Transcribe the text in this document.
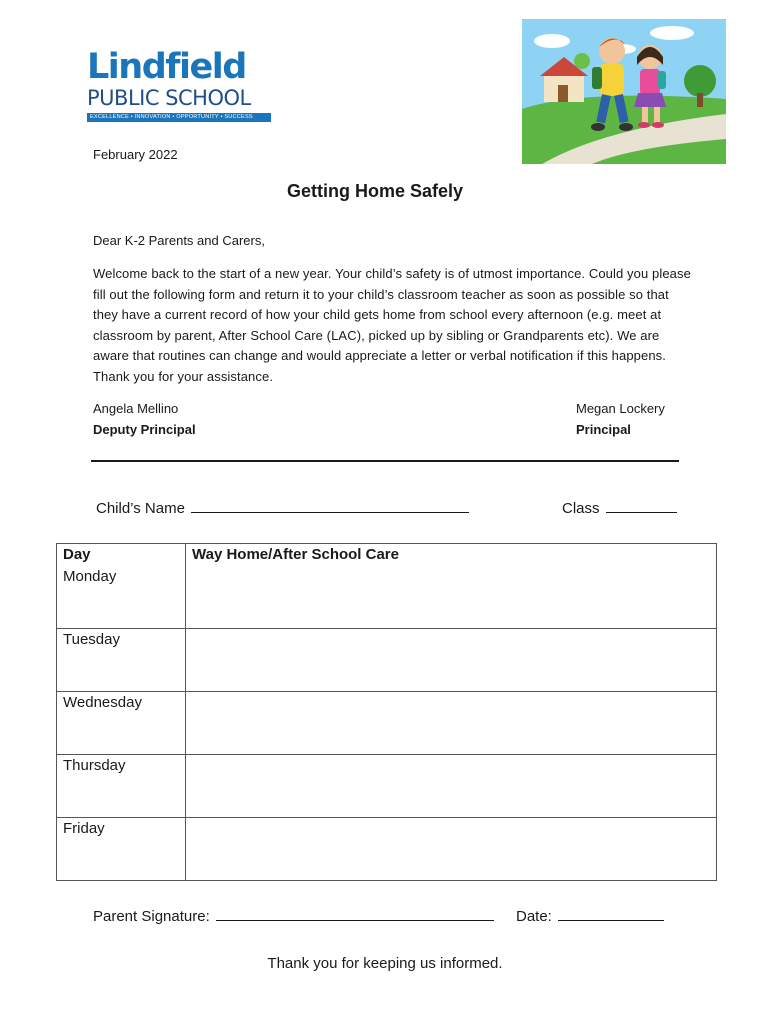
Lindfield
PUBLIC SCHOOL
EXCELLENCE • INNOVATION • OPPORTUNITY • SUCCESS
February 2022
Getting Home Safely
Dear K-2 Parents and Carers,
Welcome back to the start of a new year. Your child’s safety is of utmost importance. Could you please fill out the following form and return it to your child’s classroom teacher as soon as possible so that they have a current record of how your child gets home from school every afternoon (e.g. meet at classroom by parent, After School Care (LAC), picked up by sibling or Grandparents etc). We are aware that routines can change and would appreciate a letter or verbal notification if this happens. Thank you for your assistance.
Angela Mellino
Deputy Principal
Megan Lockery
Principal
Child’s Name	Class
Day	Way Home/After School Care
Monday
Tuesday	
Wednesday	
Thursday	
Friday	
Parent Signature:	Date:
Thank you for keeping us informed.
